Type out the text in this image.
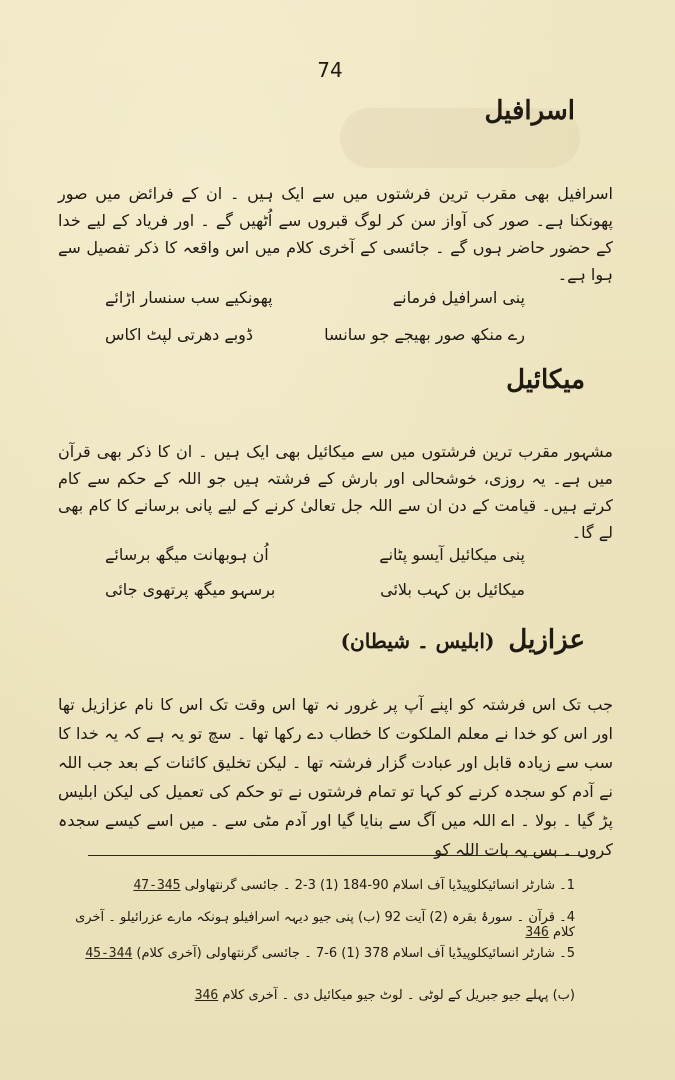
74
اسرافیل
اسرافیل بھی مقرب ترین فرشتوں میں سے ایک ہیں ۔ ان کے فرائض میں صور پھونکنا ہے۔ صور کی آواز سن کر لوگ قبروں سے اُٹھیں گے ۔ اور فریاد کے لیے خدا کے حضور حاضر ہوں گے ۔ جائسی کے آخری کلام میں اس واقعہ کا ذکر تفصیل سے ہوا ہے۔
پنی اسرافیل فرمانے
پھونکیے سب سنسار اڑائے
رے منکھ صور بھیجے جو سانسا
ڈوبے دھرتی لپٹ اکاس
میکائیل
مشہور مقرب ترین فرشتوں میں سے میکائیل بھی ایک ہیں ۔ ان کا ذکر بھی قرآن میں ہے۔ یہ روزی، خوشحالی اور بارش کے فرشتہ ہیں جو اللہ کے حکم سے کام کرتے ہیں۔ قیامت کے دن ان سے اللہ جل تعالیٰ کرنے کے لیے پانی برسانے کا کام بھی لے گا۔
پنی میکائیل آیسو پٹانے
اُن ہوبھانت میگھ برسائے
میکائیل بن کہب بلائی
برسہو میگھ پرتھوی جائی
عزازیل
(ابلیس ۔ شیطان)
جب تک اس فرشتہ کو اپنے آپ پر غرور نہ تھا اس وقت تک اس کا نام عزازیل تھا اور اس کو خدا نے معلم الملکوت کا خطاب دے رکھا تھا ۔ سچ تو یہ ہے کہ یہ خدا کا سب سے زیادہ قابل اور عبادت گزار فرشتہ تھا ۔ لیکن تخلیق کائنات کے بعد جب اللہ نے آدم کو سجدہ کرنے کو کہا تو تمام فرشتوں نے تو حکم کی تعمیل کی لیکن ابلیس پڑ گیا ۔ بولا ۔ اے اللہ میں آگ سے بنایا گیا اور آدم مٹی سے ۔ میں اسے کیسے سجدہ کروں ۔ بس یہ بات اللہ کو
1۔ شارٹر انسائیکلوپیڈیا آف اسلام 90-184 (1) 3-2 ۔ جائسی گرنتھاولی 345-47
4۔ قرآن ۔ سورۂ بقرہ (2) آیت 92 (ب) پنی جیو دیہہ اسرافیلو ہونکہ مارے عزرائیلو ۔ آخری کلام 346
5۔ شارٹر انسائیکلوپیڈیا آف اسلام 378 (1) 6-7 ۔ جائسی گرنتھاولی (آخری کلام) 344-45
(ب) پہلے جیو جبریل کے لوٹی ۔ لوٹ جیو میکائیل دی ۔ آخری کلام 346
